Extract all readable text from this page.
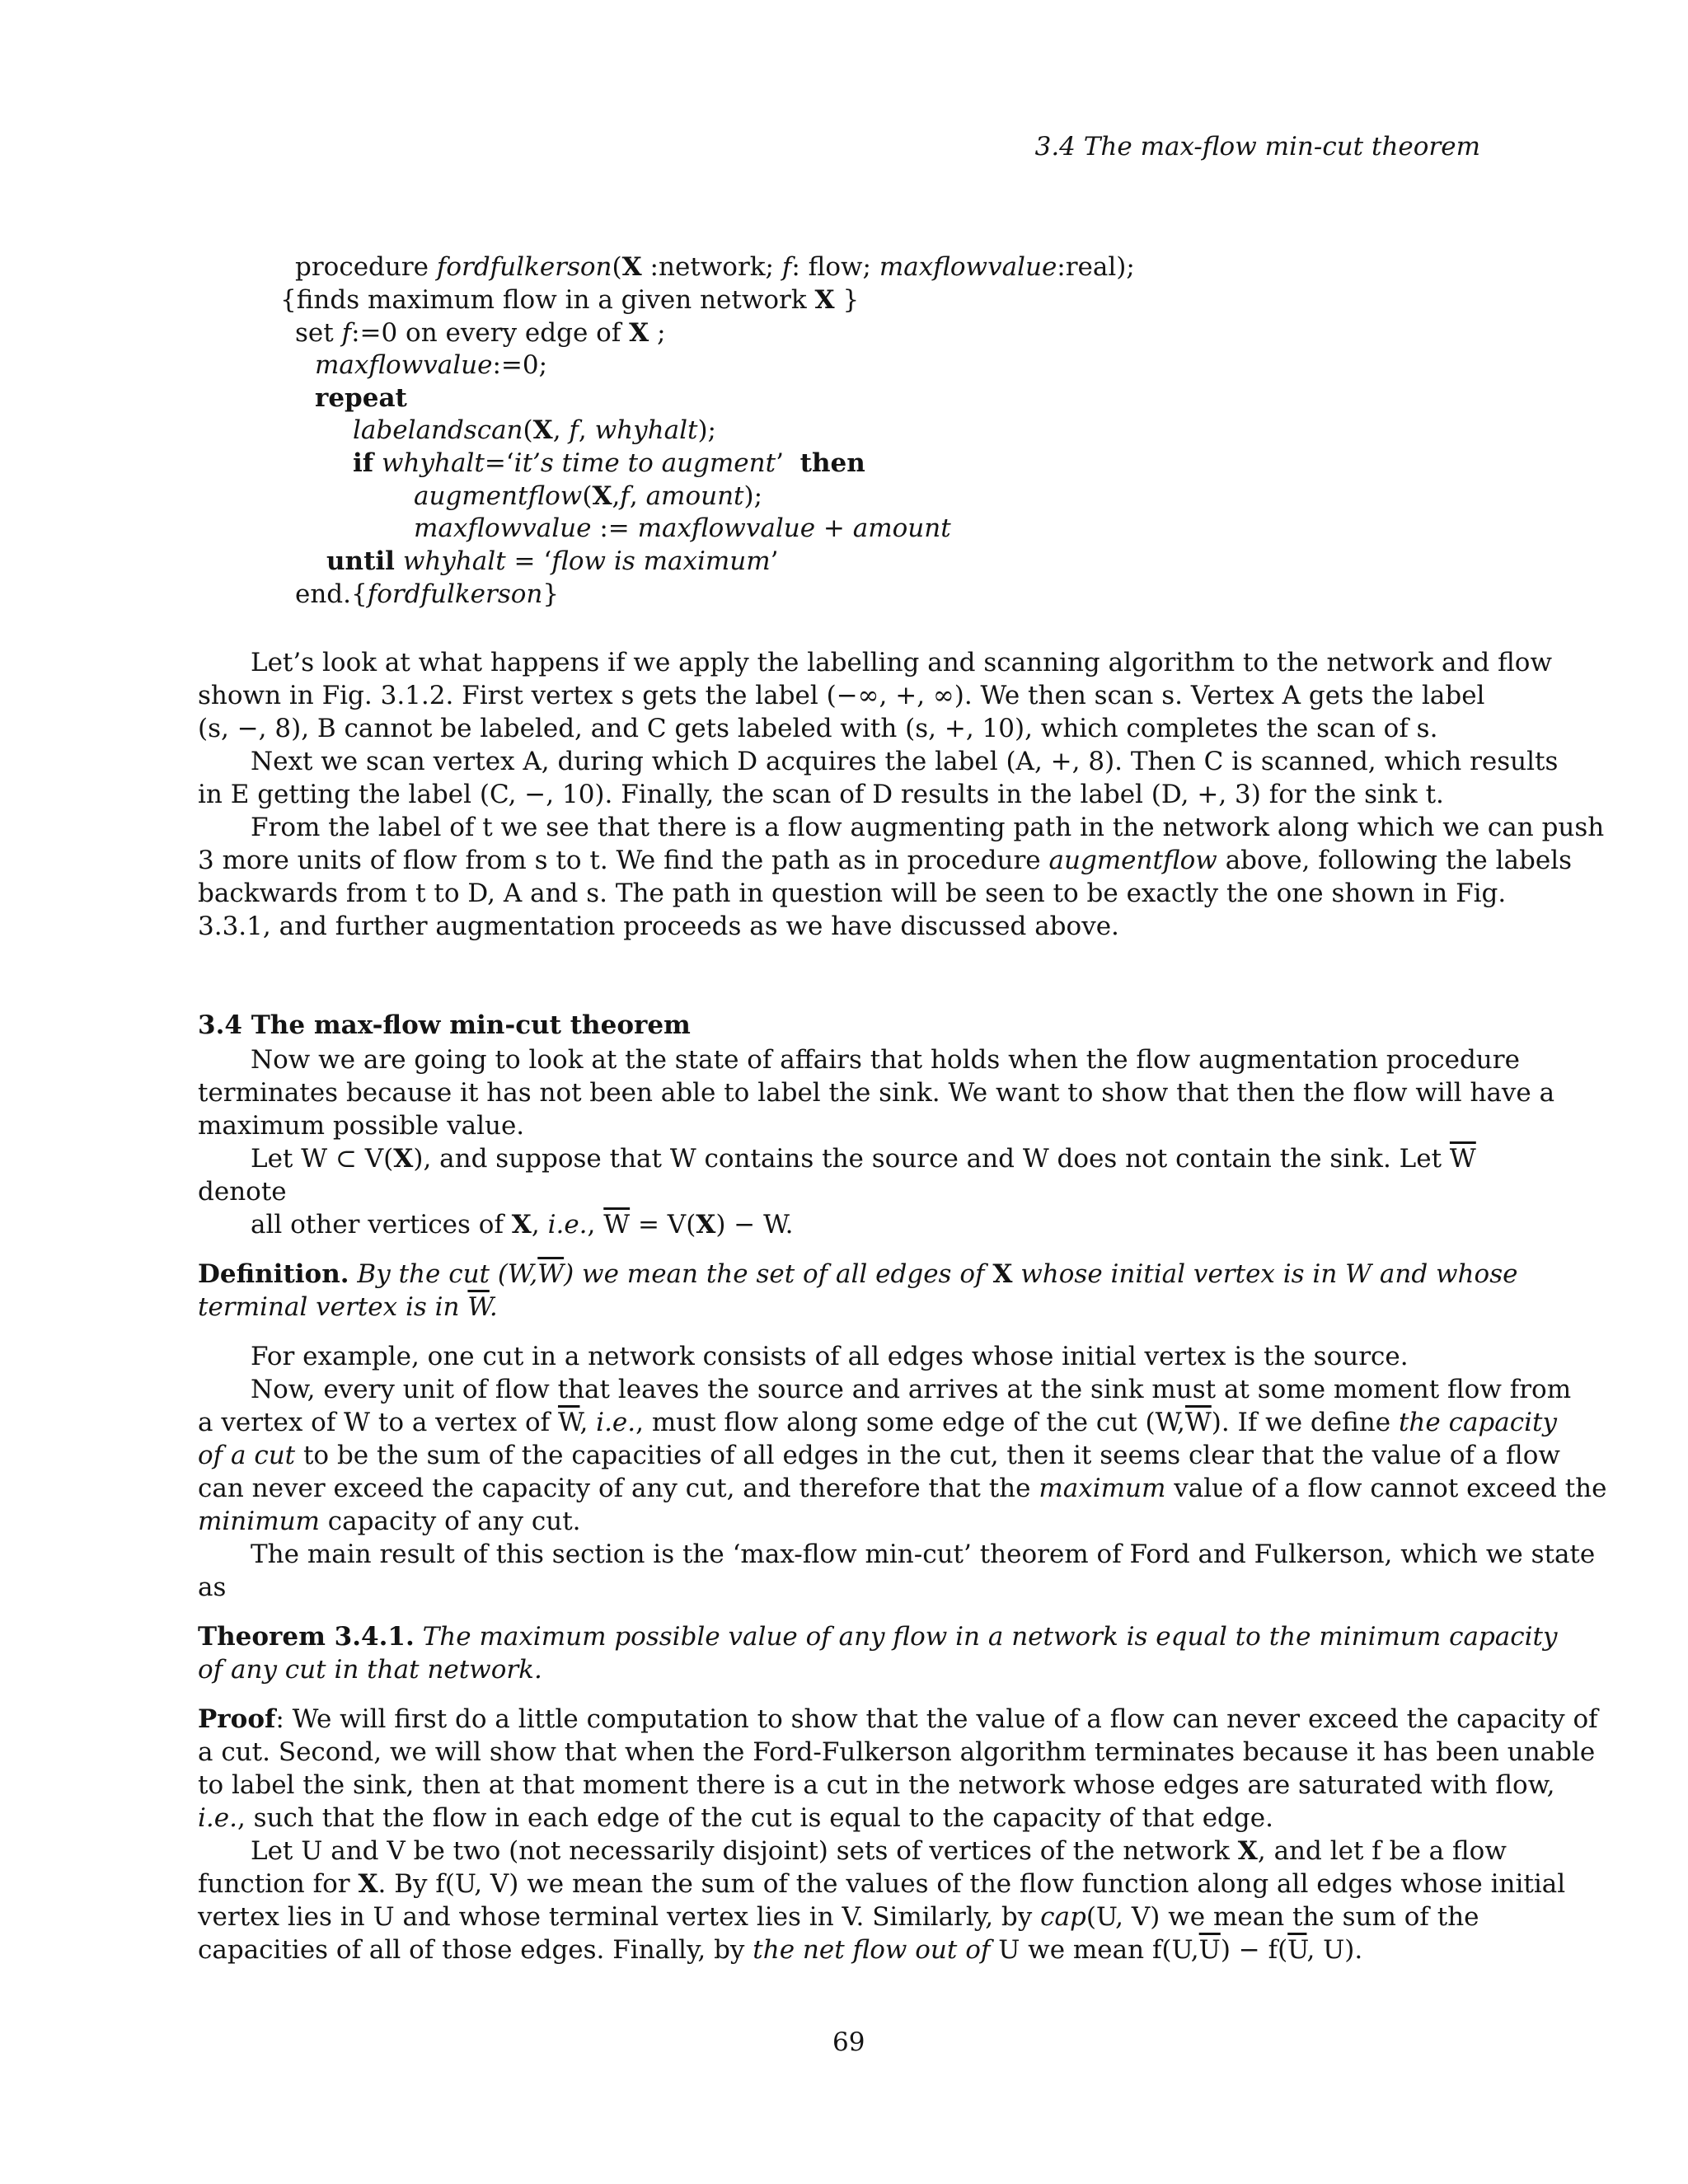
3.4 The max-flow min-cut theorem
procedure fordfulkerson(X :network; f: flow; maxflowvalue:real);
{finds maximum flow in a given network X }
set f:=0 on every edge of X ;
maxflowvalue:=0;
repeat
labelandscan(X, f, whyhalt);
if whyhalt=‘it’s time to augment’ then
augmentflow(X,f, amount);
maxflowvalue := maxflowvalue + amount
until whyhalt = ‘flow is maximum’
end.{fordfulkerson}
Let’s look at what happens if we apply the labelling and scanning algorithm to the network and flow
shown in Fig. 3.1.2. First vertex s gets the label (−∞, +, ∞). We then scan s. Vertex A gets the label
(s, −, 8), B cannot be labeled, and C gets labeled with (s, +, 10), which completes the scan of s.
Next we scan vertex A, during which D acquires the label (A, +, 8). Then C is scanned, which results
in E getting the label (C, −, 10). Finally, the scan of D results in the label (D, +, 3) for the sink t.
From the label of t we see that there is a flow augmenting path in the network along which we can push
3 more units of flow from s to t. We find the path as in procedure augmentflow above, following the labels
backwards from t to D, A and s. The path in question will be seen to be exactly the one shown in Fig.
3.3.1, and further augmentation proceeds as we have discussed above.
3.4 The max-flow min-cut theorem
Now we are going to look at the state of affairs that holds when the flow augmentation procedure
terminates because it has not been able to label the sink. We want to show that then the flow will have a
maximum possible value.
Let W ⊂ V(X), and suppose that W contains the source and W does not contain the sink. Let $\overline{W}$
denote
all other vertices of X, i.e., $\overline{W} = V(X) - W$.
Definition. By the cut $(W,\overline{W})$ we mean the set of all edges of X whose initial vertex is in W and whose
terminal vertex is in $\overline{W}$.
For example, one cut in a network consists of all edges whose initial vertex is the source.
Now, every unit of flow that leaves the source and arrives at the sink must at some moment flow from
a vertex of W to a vertex of $\overline{W}$, i.e., must flow along some edge of the cut $(W,\overline{W})$. If we define the capacity
of a cut to be the sum of the capacities of all edges in the cut, then it seems clear that the value of a flow
can never exceed the capacity of any cut, and therefore that the maximum value of a flow cannot exceed the
minimum capacity of any cut.
The main result of this section is the ‘max-flow min-cut’ theorem of Ford and Fulkerson, which we state
as
Theorem 3.4.1. The maximum possible value of any flow in a network is equal to the minimum capacity
of any cut in that network.
Proof: We will first do a little computation to show that the value of a flow can never exceed the capacity of
a cut. Second, we will show that when the Ford-Fulkerson algorithm terminates because it has been unable
to label the sink, then at that moment there is a cut in the network whose edges are saturated with flow,
i.e., such that the flow in each edge of the cut is equal to the capacity of that edge.
Let U and V be two (not necessarily disjoint) sets of vertices of the network X, and let f be a flow
function for X. By f(U, V) we mean the sum of the values of the flow function along all edges whose initial
vertex lies in U and whose terminal vertex lies in V. Similarly, by cap(U, V) we mean the sum of the
capacities of all of those edges. Finally, by the net flow out of U we mean $f(U,\overline{U}) - f(\overline{U}$, U).
69
